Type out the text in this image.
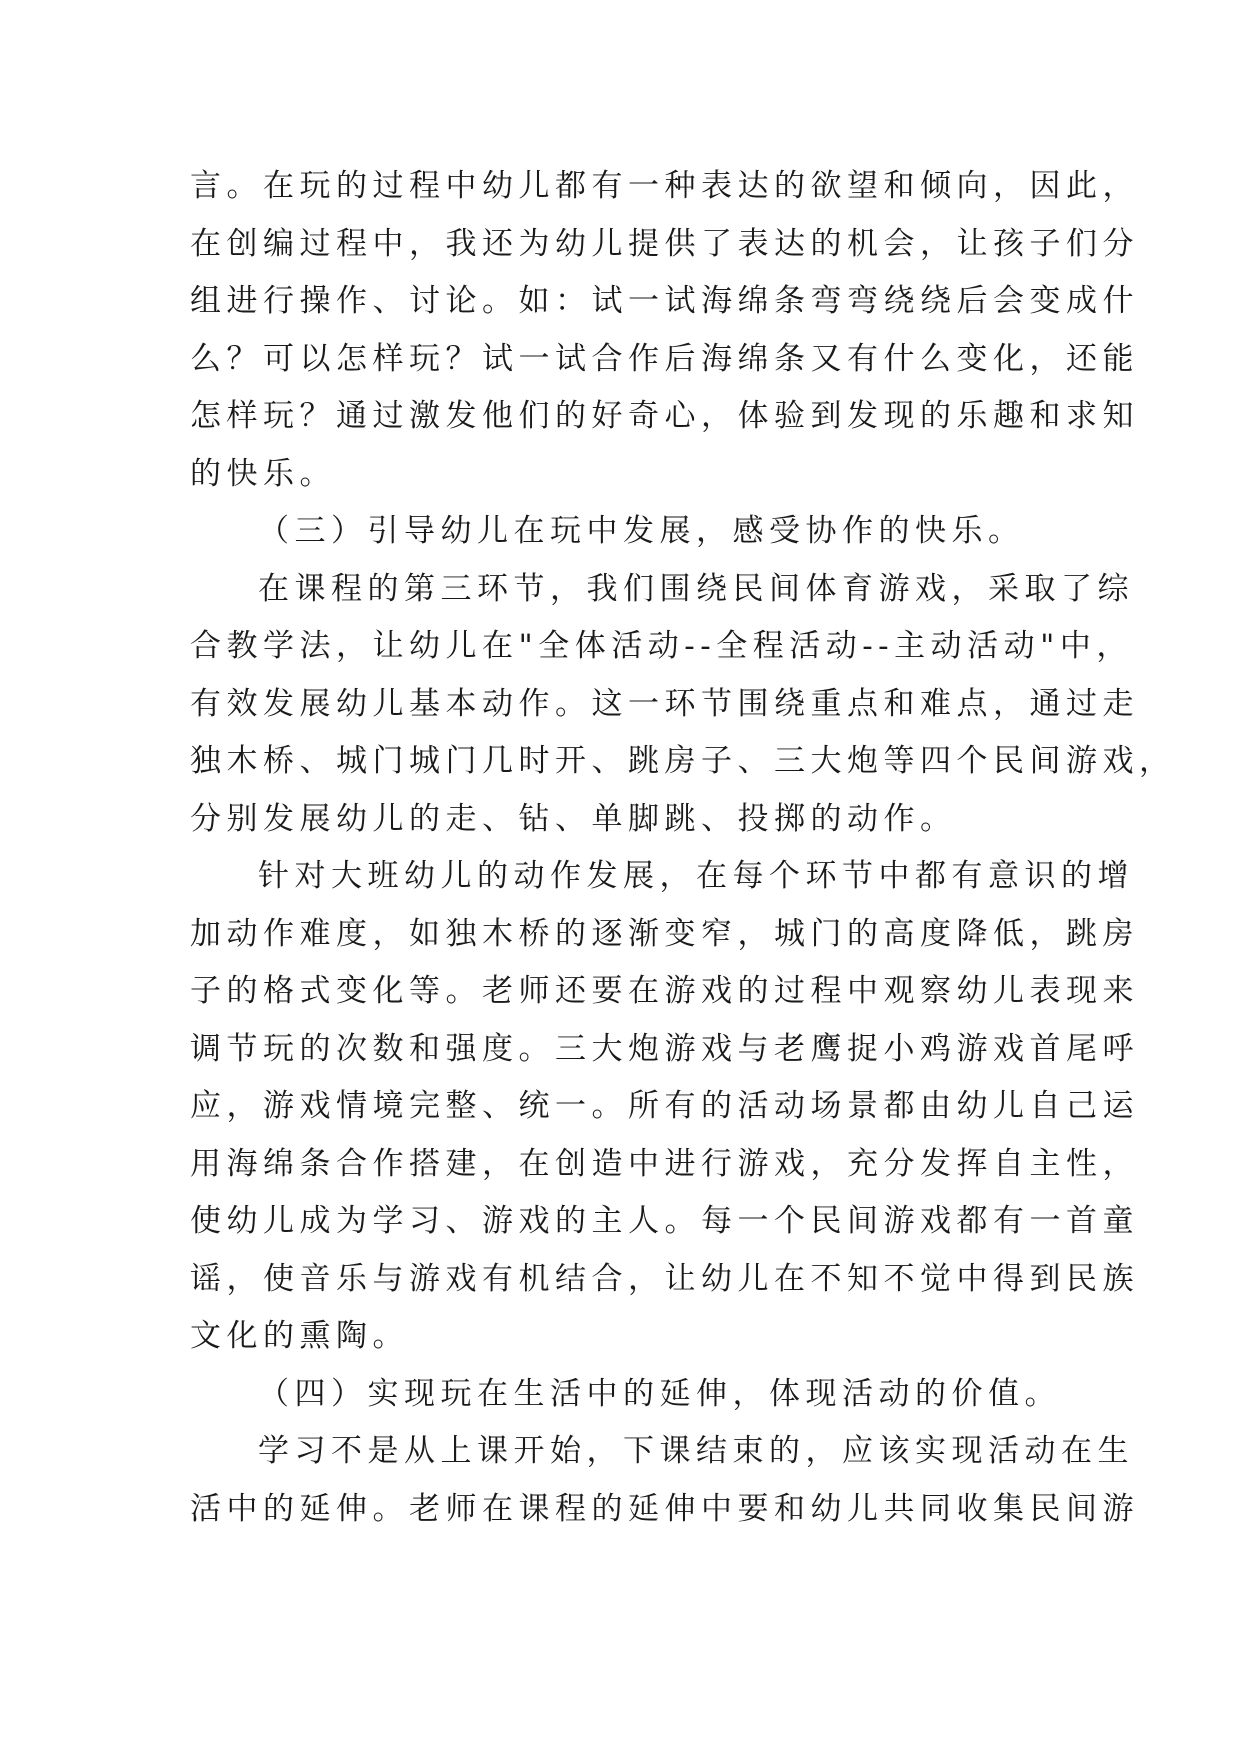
言。在玩的过程中幼儿都有一种表达的欲望和倾向，因此，
在创编过程中，我还为幼儿提供了表达的机会，让孩子们分
组进行操作、讨论。如：试一试海绵条弯弯绕绕后会变成什
么？可以怎样玩？试一试合作后海绵条又有什么变化，还能
怎样玩？通过激发他们的好奇心，体验到发现的乐趣和求知
的快乐。
（三）引导幼儿在玩中发展，感受协作的快乐。
在课程的第三环节，我们围绕民间体育游戏，采取了综
合教学法，让幼儿在"全体活动--全程活动--主动活动"中，
有效发展幼儿基本动作。这一环节围绕重点和难点，通过走
独木桥、城门城门几时开、跳房子、三大炮等四个民间游戏，
分别发展幼儿的走、钻、单脚跳、投掷的动作。
针对大班幼儿的动作发展，在每个环节中都有意识的增
加动作难度，如独木桥的逐渐变窄，城门的高度降低，跳房
子的格式变化等。老师还要在游戏的过程中观察幼儿表现来
调节玩的次数和强度。三大炮游戏与老鹰捉小鸡游戏首尾呼
应，游戏情境完整、统一。所有的活动场景都由幼儿自己运
用海绵条合作搭建，在创造中进行游戏，充分发挥自主性，
使幼儿成为学习、游戏的主人。每一个民间游戏都有一首童
谣，使音乐与游戏有机结合，让幼儿在不知不觉中得到民族
文化的熏陶。
（四）实现玩在生活中的延伸，体现活动的价值。
学习不是从上课开始，下课结束的，应该实现活动在生
活中的延伸。老师在课程的延伸中要和幼儿共同收集民间游
